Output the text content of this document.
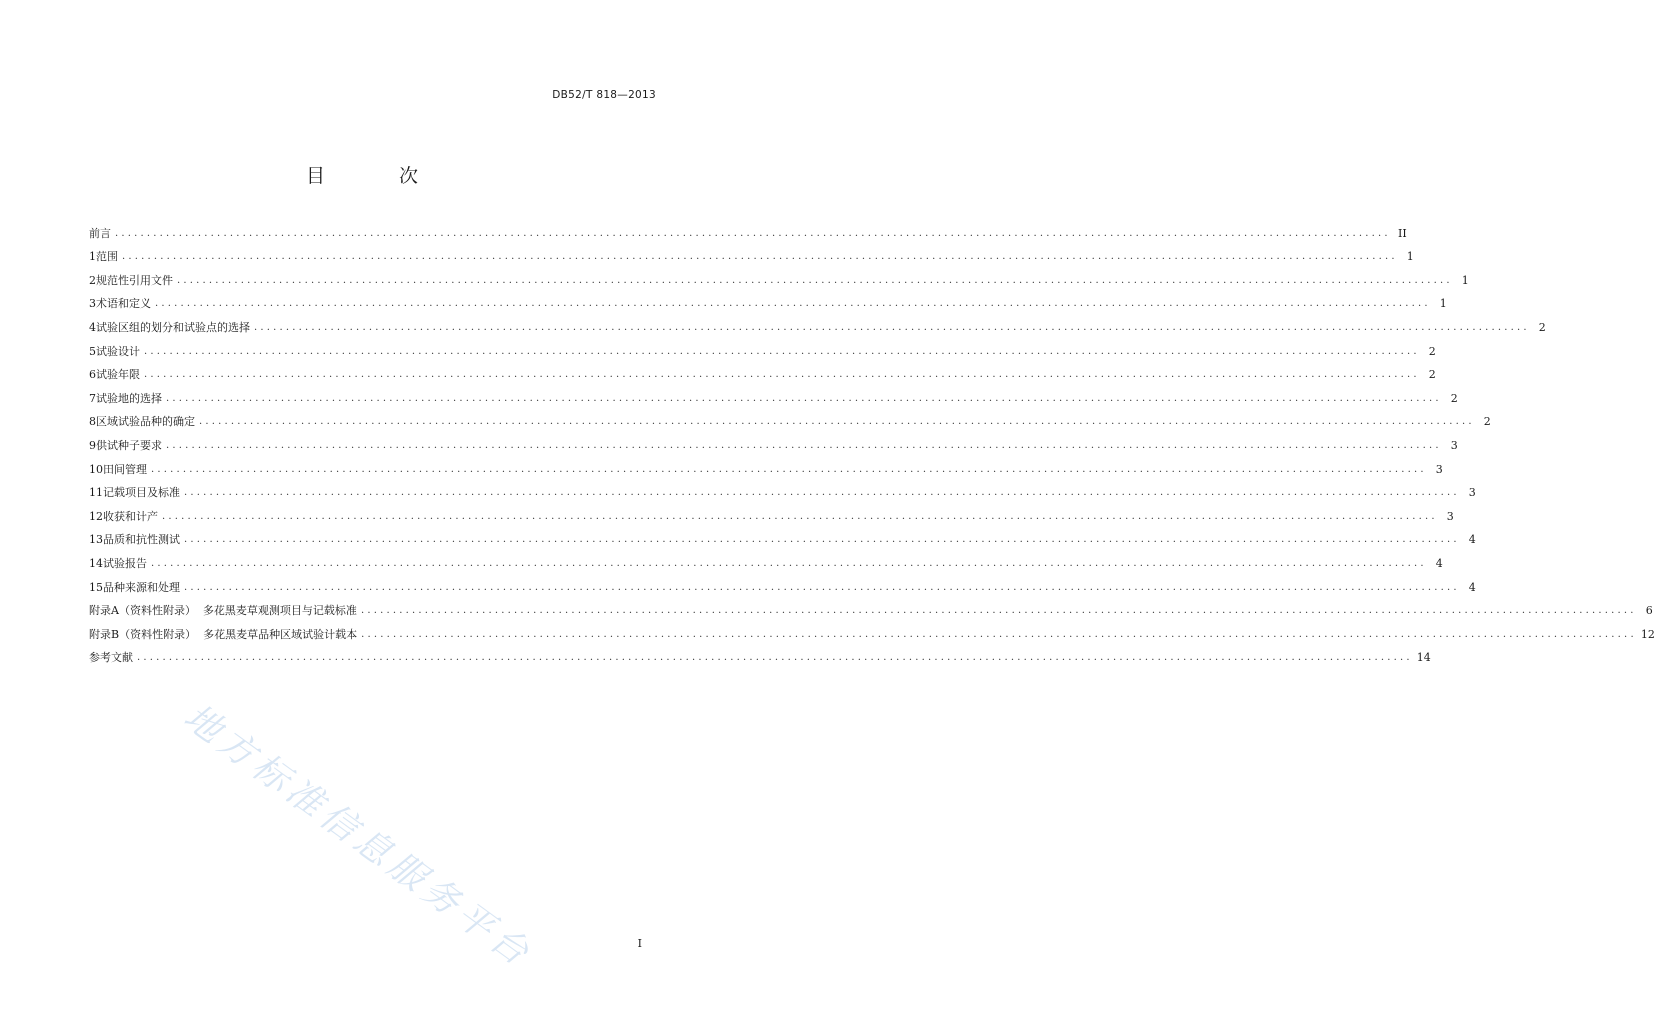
DB52/T 818—2013
目 次
前言 ........................................................................................................................................................................................................ II
1 范围 ........................................................................................................................................................................................................ 1
2 规范性引用文件 ........................................................................................................................................................................................................ 1
3 术语和定义 ........................................................................................................................................................................................................ 1
4 试验区组的划分和试验点的选择 ........................................................................................................................................................................................................ 2
5 试验设计 ........................................................................................................................................................................................................ 2
6 试验年限 ........................................................................................................................................................................................................ 2
7 试验地的选择 ........................................................................................................................................................................................................ 2
8 区域试验品种的确定 ........................................................................................................................................................................................................ 2
9 供试种子要求 ........................................................................................................................................................................................................ 3
10 田间管理 ........................................................................................................................................................................................................ 3
11 记载项目及标准 ........................................................................................................................................................................................................ 3
12 收获和计产 ........................................................................................................................................................................................................ 3
13 品质和抗性测试 ........................................................................................................................................................................................................ 4
14 试验报告 ........................................................................................................................................................................................................ 4
15 品种来源和处理 ........................................................................................................................................................................................................ 4
附录A（资料性附录）  多花黑麦草观测项目与记载标准 ........................................................................................................................................................................................................ 6
附录B（资料性附录）  多花黑麦草品种区域试验计载本 ........................................................................................................................................................................................................ 12
参考文献 ........................................................................................................................................................................................................ 14
地方标准信息服务平台	I
